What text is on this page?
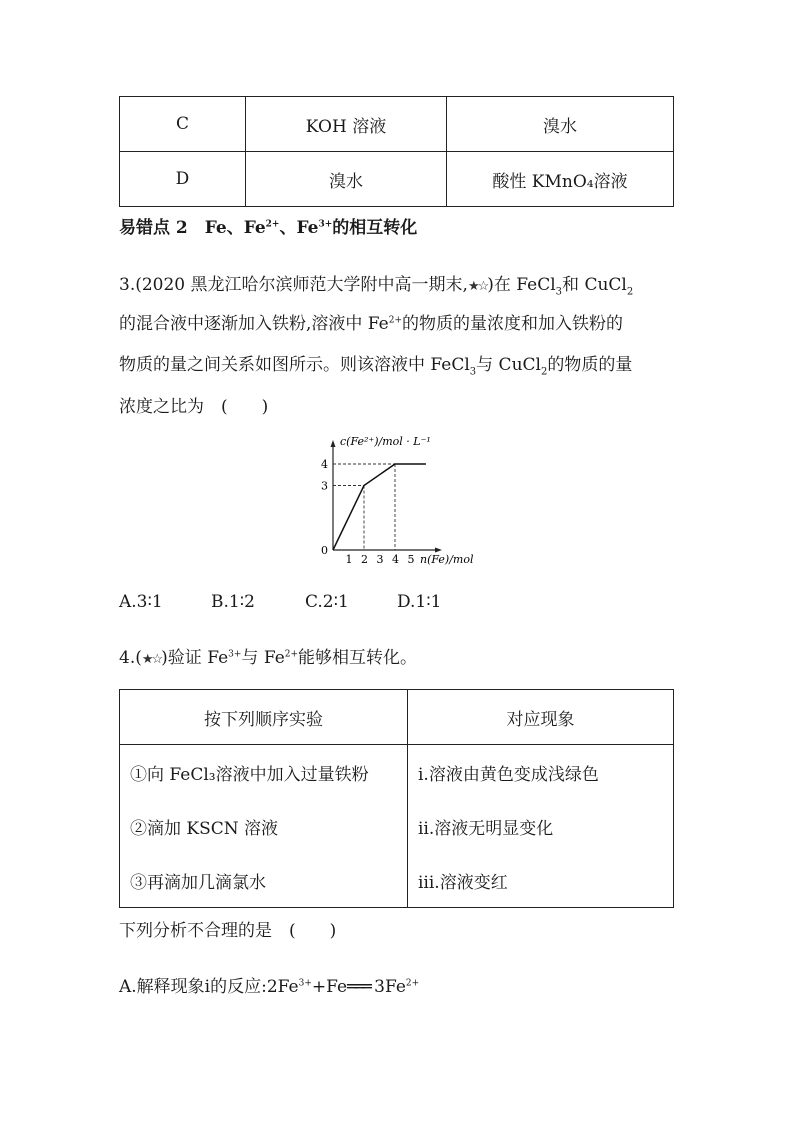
C	KOH 溶液	溴水
D	溴水	酸性 KMnO₄溶液
易错点 2　Fe、$Fe^{2+}$、$Fe^{3+}$的相互转化
3.(2020 黑龙江哈尔滨师范大学附中高一期末,★☆)在 FeCl$_3$和 CuCl$_2$
的混合液中逐渐加入铁粉,溶液中 $Fe^{2+}$的物质的量浓度和加入铁粉的
物质的量之间关系如图所示。则该溶液中 FeCl$_3$与 CuCl$_2$的物质的量
浓度之比为　(　　)
c(Fe²⁺)/mol · L⁻¹
1 2 3 4 5
0
3
4
n(Fe)/mol
A.3∶1	B.1∶2	C.2∶1	D.1∶1
4.(★☆)验证 $Fe^{3+}$与 $Fe^{2+}$能够相互转化。
按下列顺序实验	对应现象
①向 FeCl₃溶液中加入过量铁粉	ⅰ.溶液由黄色变成浅绿色
②滴加 KSCN 溶液	ⅱ.溶液无明显变化
③再滴加几滴氯水	ⅲ.溶液变红
下列分析不合理的是　(　　)
A.解释现象ⅰ的反应$:2Fe^{3+}+Fe═══$ $3Fe^{2+}$
